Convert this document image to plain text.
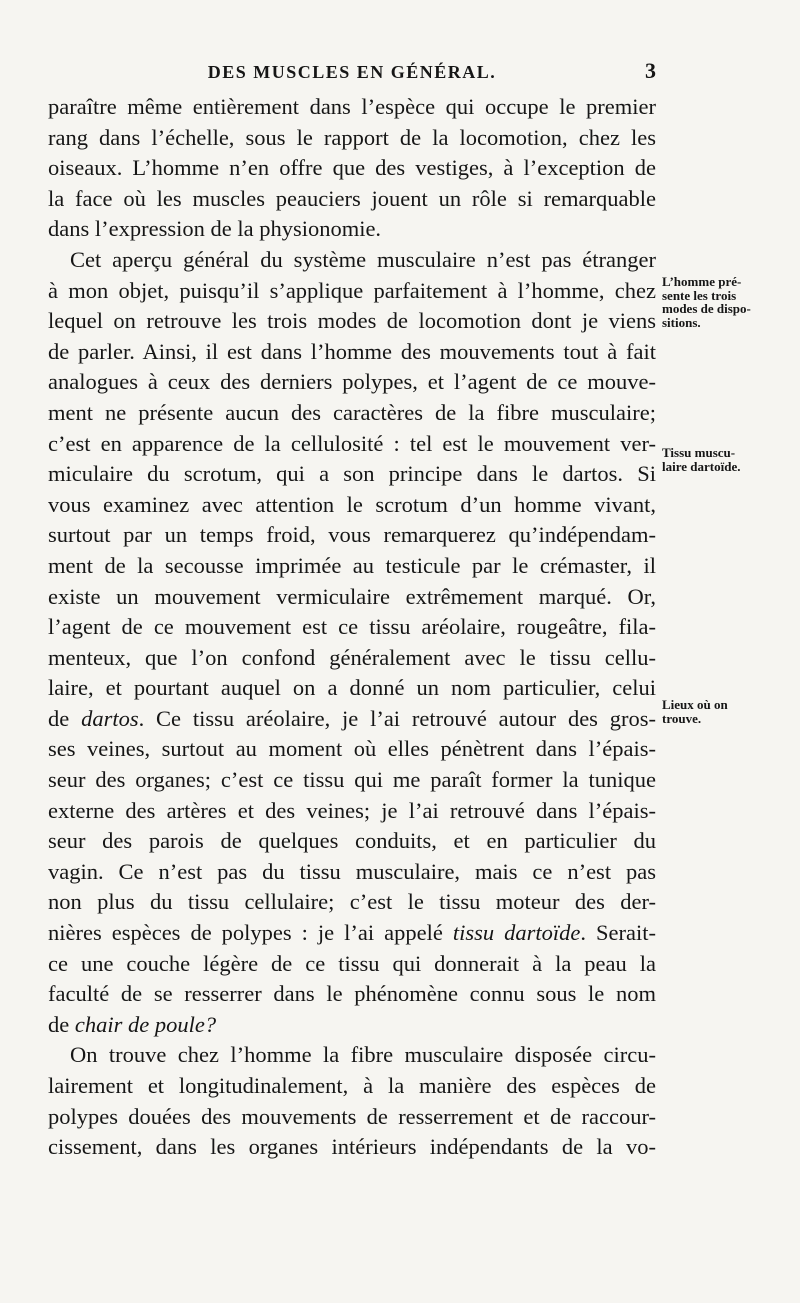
DES MUSCLES EN GÉNÉRAL.	3
paraître même entièrement dans l’espèce qui occupe le premier
rang dans l’échelle, sous le rapport de la locomotion, chez les
oiseaux. L’homme n’en offre que des vestiges, à l’exception de
la face où les muscles peauciers jouent un rôle si remarquable
dans l’expression de la physionomie.
Cet aperçu général du système musculaire n’est pas étranger
à mon objet, puisqu’il s’applique parfaitement à l’homme, chez
lequel on retrouve les trois modes de locomotion dont je viens
de parler. Ainsi, il est dans l’homme des mouvements tout à fait
analogues à ceux des derniers polypes, et l’agent de ce mouve-
ment ne présente aucun des caractères de la fibre musculaire;
c’est en apparence de la cellulosité : tel est le mouvement ver-
miculaire du scrotum, qui a son principe dans le dartos. Si
vous examinez avec attention le scrotum d’un homme vivant,
surtout par un temps froid, vous remarquerez qu’indépendam-
ment de la secousse imprimée au testicule par le crémaster, il
existe un mouvement vermiculaire extrêmement marqué. Or,
l’agent de ce mouvement est ce tissu aréolaire, rougeâtre, fila-
menteux, que l’on confond généralement avec le tissu cellu-
laire, et pourtant auquel on a donné un nom particulier, celui
de dartos. Ce tissu aréolaire, je l’ai retrouvé autour des gros-
ses veines, surtout au moment où elles pénètrent dans l’épais-
seur des organes; c’est ce tissu qui me paraît former la tunique
externe des artères et des veines; je l’ai retrouvé dans l’épais-
seur des parois de quelques conduits, et en particulier du
vagin. Ce n’est pas du tissu musculaire, mais ce n’est pas
non plus du tissu cellulaire; c’est le tissu moteur des der-
nières espèces de polypes : je l’ai appelé tissu dartoïde. Serait-
ce une couche légère de ce tissu qui donnerait à la peau la
faculté de se resserrer dans le phénomène connu sous le nom
de chair de poule?
On trouve chez l’homme la fibre musculaire disposée circu-
lairement et longitudinalement, à la manière des espèces de
polypes douées des mouvements de resserrement et de raccour-
cissement, dans les organes intérieurs indépendants de la vo-
L’homme pré-
sente les trois
modes de dispo-
sitions.
Tissu muscu-
laire dartoïde.
Lieux où on
trouve.
